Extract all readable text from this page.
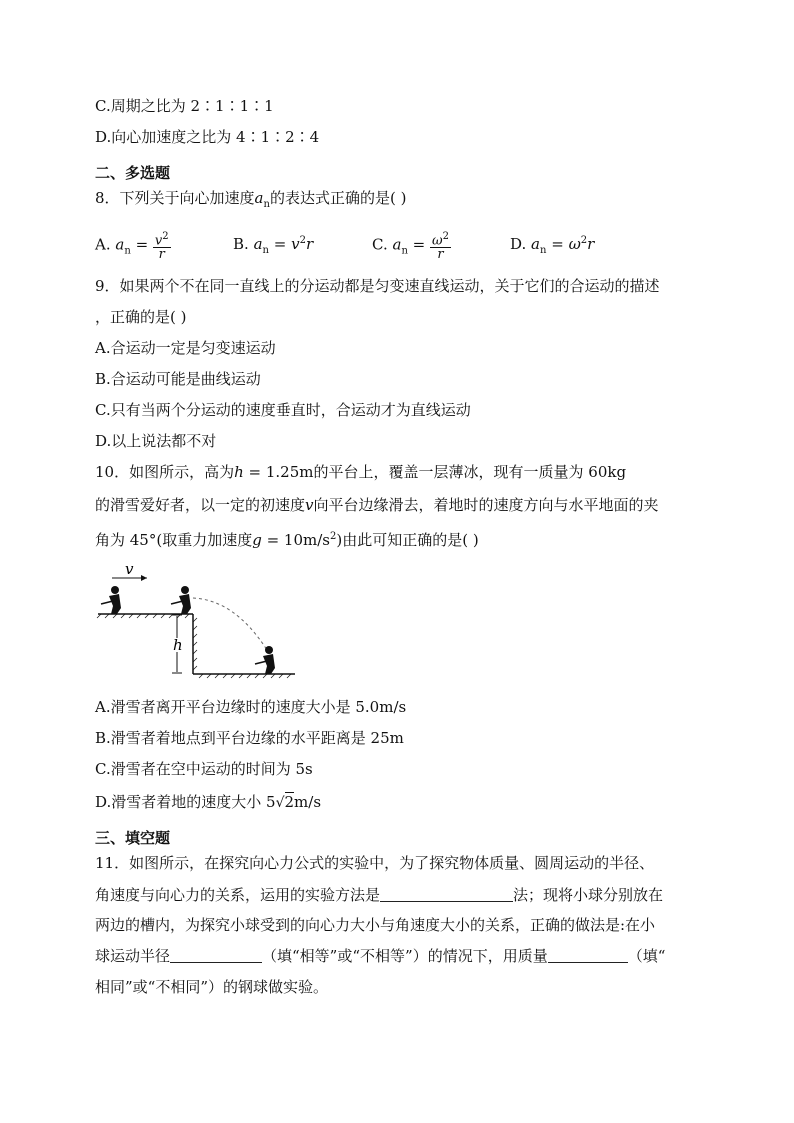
C.周期之比为 2∶1∶1∶1
D.向心加速度之比为 4∶1∶2∶4
二、多选题
8．下列关于向心加速度$a_n$的表达式正确的是( )
A. $a_n = \frac{v^2}{r}$	B. $a_n = v^2r$	C. $a_n = \frac{\omega^2}{r}$	D. $a_n = \omega^2r$
9．如果两个不在同一直线上的分运动都是匀变速直线运动，关于它们的合运动的描述
，正确的是( )
A.合运动一定是匀变速运动
B.合运动可能是曲线运动
C.只有当两个分运动的速度垂直时，合运动才为直线运动
D.以上说法都不对
10．如图所示，高为h = 1.25m的平台上，覆盖一层薄冰，现有一质量为 60kg
的滑雪爱好者，以一定的初速度v向平台边缘滑去，着地时的速度方向与水平地面的夹
角为 45°(取重力加速度$g = 10m/s^2$)由此可知正确的是( )
v
h
A.滑雪者离开平台边缘时的速度大小是 5.0m/s
B.滑雪者着地点到平台边缘的水平距离是 25m
C.滑雪者在空中运动的时间为 5s
D.滑雪者着地的速度大小 5√2m/s
三、填空题
11．如图所示，在探究向心力公式的实验中，为了探究物体质量、圆周运动的半径、
角速度与向心力的关系，运用的实验方法是	法；现将小球分别放在
两边的槽内，为探究小球受到的向心力大小与角速度大小的关系，正确的做法是:在小
球运动半径	（填“相等”或“不相等”）的情况下，用质量	（填“
相同”或“不相同”）的钢球做实验。
